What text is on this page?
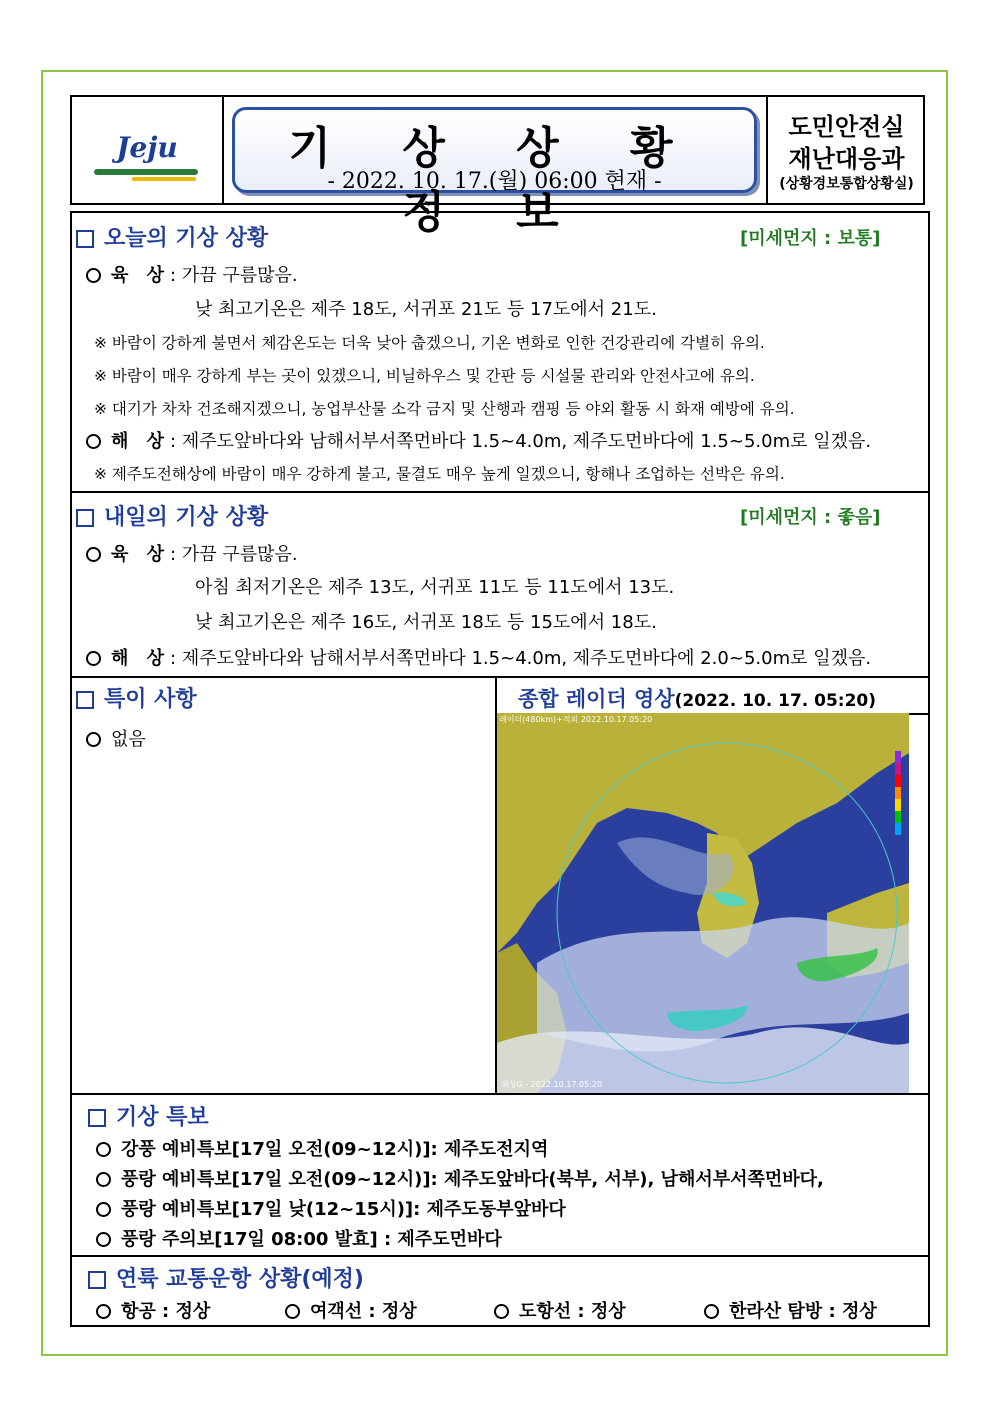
Jeju	기 상 상 황 정 보
- 2022. 10. 17.(월) 06:00 현재 -
도민안전실
재난대응과
(상황경보통합상황실)
오늘의 기상 상황	[미세먼지 : 보통]
육 상: 가끔 구름많음.
낮 최고기온은 제주 18도, 서귀포 21도 등 17도에서 21도.
※ 바람이 강하게 불면서 체감온도는 더욱 낮아 춥겠으니, 기온 변화로 인한 건강관리에 각별히 유의.
※ 바람이 매우 강하게 부는 곳이 있겠으니, 비닐하우스 및 간판 등 시설물 관리와 안전사고에 유의.
※ 대기가 차차 건조해지겠으니, 농업부산물 소각 금지 및 산행과 캠핑 등 야외 활동 시 화재 예방에 유의.
해 상: 제주도앞바다와 남해서부서쪽먼바다 1.5~4.0m, 제주도먼바다에 1.5~5.0m로 일겠음.
※ 제주도전해상에 바람이 매우 강하게 불고, 물결도 매우 높게 일겠으니, 항해나 조업하는 선박은 유의.
내일의 기상 상황	[미세먼지 : 좋음]
육 상: 가끔 구름많음.
아침 최저기온은 제주 13도, 서귀포 11도 등 11도에서 13도.
낮 최고기온은 제주 16도, 서귀포 18도 등 15도에서 18도.
해 상: 제주도앞바다와 남해서부서쪽먼바다 1.5~4.0m, 제주도먼바다에 2.0~5.0m로 일겠음.
특이 사항
없음
종합 레이더 영상(2022. 10. 17. 05:20)
레이더(480km)+적외 2022.10.17.05:20
위성G - 2022.10.17.05:20
기상 특보
강풍 예비특보[17일 오전(09~12시)]: 제주도전지역
풍랑 예비특보[17일 오전(09~12시)]: 제주도앞바다(북부, 서부), 남해서부서쪽먼바다,
풍랑 예비특보[17일 낮(12~15시)]: 제주도동부앞바다
풍랑 주의보[17일 08:00 발효] : 제주도먼바다
연륙 교통운항 상황(예정)
항공 : 정상	여객선 : 정상	도항선 : 정상	한라산 탐방 : 정상
